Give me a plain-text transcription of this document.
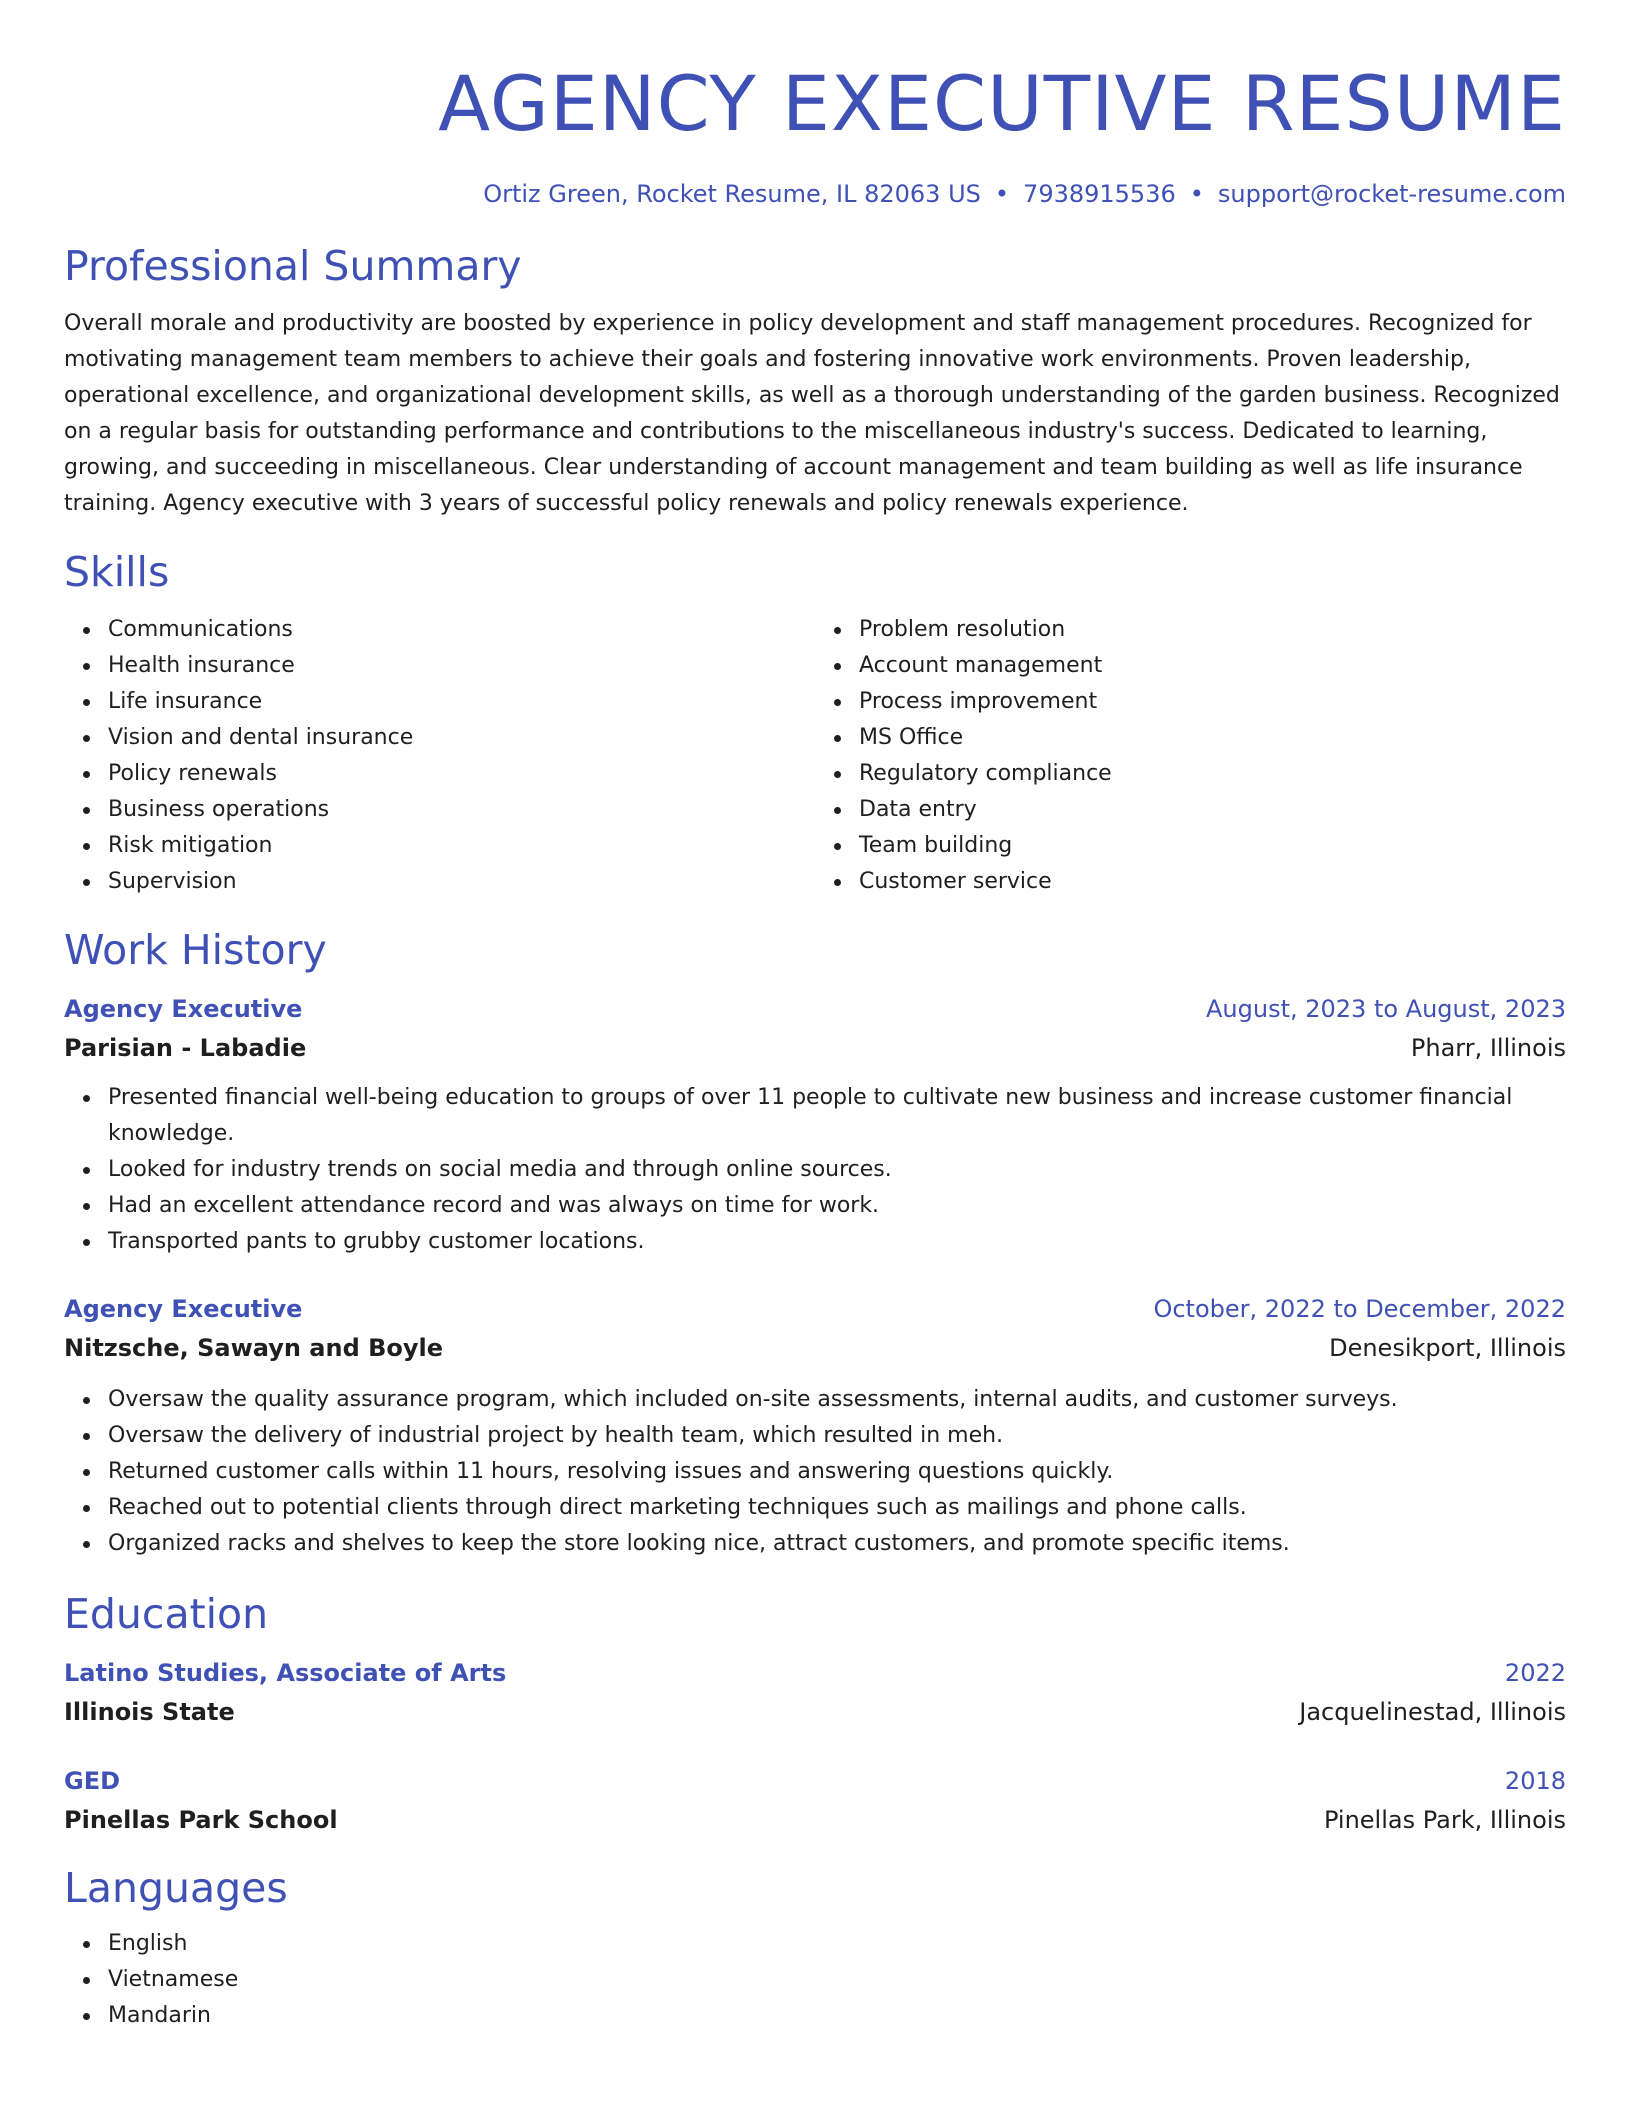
AGENCY EXECUTIVE RESUME
Ortiz Green, Rocket Resume, IL 82063 US • 7938915536 • support@rocket-resume.com
Professional Summary
Overall morale and productivity are boosted by experience in policy development and staff management procedures. Recognized for motivating management team members to achieve their goals and fostering innovative work environments. Proven leadership, operational excellence, and organizational development skills, as well as a thorough understanding of the garden business. Recognized on a regular basis for outstanding performance and contributions to the miscellaneous industry's success. Dedicated to learning, growing, and succeeding in miscellaneous. Clear understanding of account management and team building as well as life insurance training. Agency executive with 3 years of successful policy renewals and policy renewals experience.
Skills
Communications
Health insurance
Life insurance
Vision and dental insurance
Policy renewals
Business operations
Risk mitigation
Supervision
Problem resolution
Account management
Process improvement
MS Office
Regulatory compliance
Data entry
Team building
Customer service
Work History
Agency Executive	August, 2023 to August, 2023
Parisian - Labadie	Pharr, Illinois
Presented financial well-being education to groups of over 11 people to cultivate new business and increase customer financial knowledge.
Looked for industry trends on social media and through online sources.
Had an excellent attendance record and was always on time for work.
Transported pants to grubby customer locations.
Agency Executive	October, 2022 to December, 2022
Nitzsche, Sawayn and Boyle	Denesikport, Illinois
Oversaw the quality assurance program, which included on-site assessments, internal audits, and customer surveys.
Oversaw the delivery of industrial project by health team, which resulted in meh.
Returned customer calls within 11 hours, resolving issues and answering questions quickly.
Reached out to potential clients through direct marketing techniques such as mailings and phone calls.
Organized racks and shelves to keep the store looking nice, attract customers, and promote specific items.
Education
Latino Studies, Associate of Arts	2022
Illinois State	Jacquelinestad, Illinois
GED	2018
Pinellas Park School	Pinellas Park, Illinois
Languages
English
Vietnamese
Mandarin
